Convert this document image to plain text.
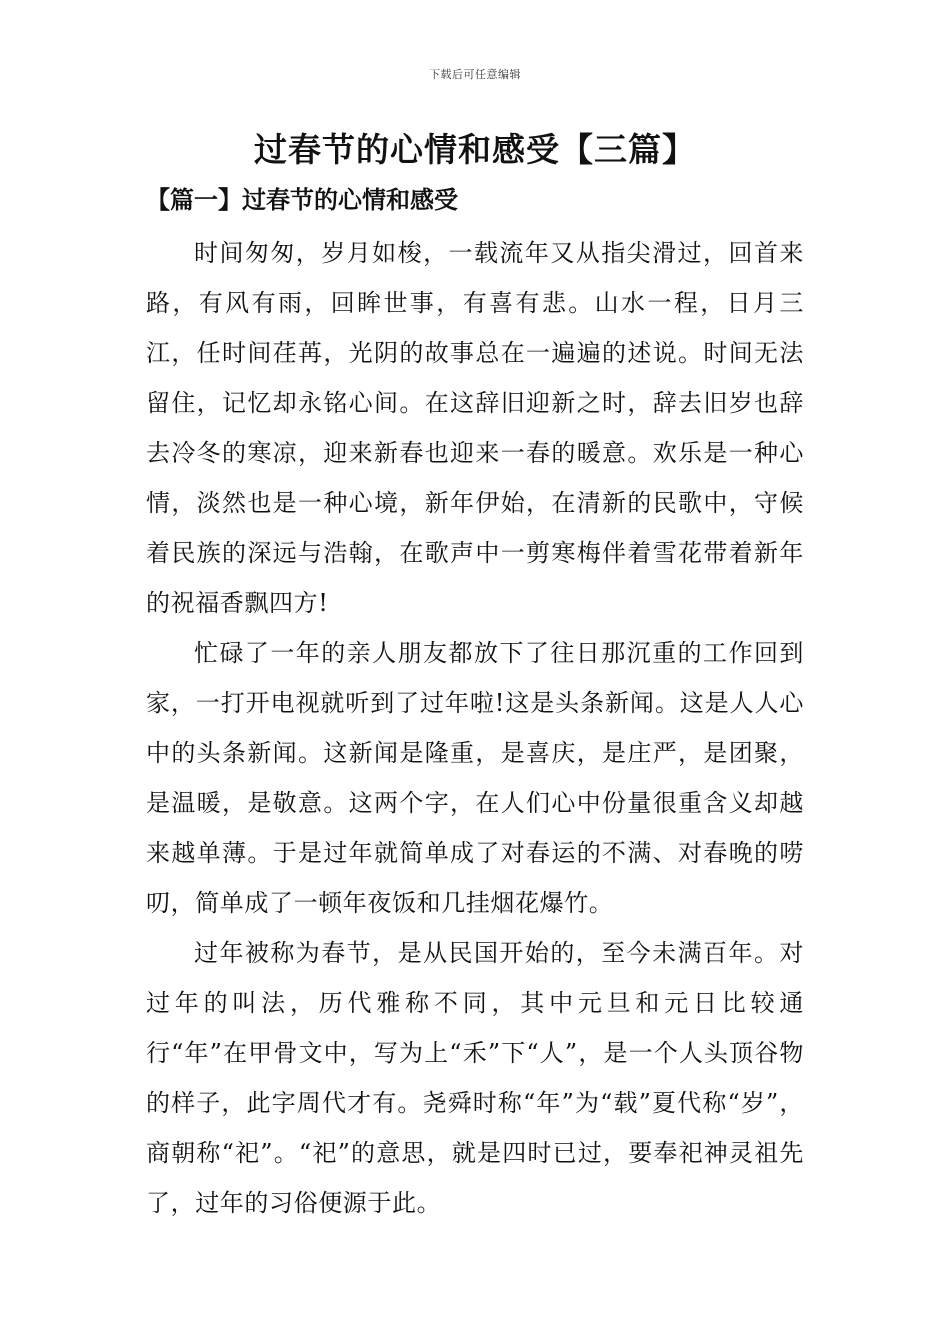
下载后可任意编辑
过春节的心情和感受【三篇】
【篇一】过春节的心情和感受

时间匆匆，岁月如梭，一载流年又从指尖滑过，回首来路，有风有雨，回眸世事，有喜有悲。山水一程，日月三江，任时间荏苒，光阴的故事总在一遍遍的述说。时间无法留住，记忆却永铭心间。在这辞旧迎新之时，辞去旧岁也辞去冷冬的寒凉，迎来新春也迎来一春的暖意。欢乐是一种心情，淡然也是一种心境，新年伊始，在清新的民歌中，守候着民族的深远与浩翰，在歌声中一剪寒梅伴着雪花带着新年的祝福香飘四方!

忙碌了一年的亲人朋友都放下了往日那沉重的工作回到家，一打开电视就听到了过年啦!这是头条新闻。这是人人心中的头条新闻。这新闻是隆重，是喜庆，是庄严，是团聚，是温暖，是敬意。这两个字，在人们心中份量很重含义却越来越单薄。于是过年就简单成了对春运的不满、对春晚的唠叨，简单成了一顿年夜饭和几挂烟花爆竹。

过年被称为春节，是从民国开始的，至今未满百年。对过年的叫法，历代雅称不同，其中元旦和元日比较通行“年”在甲骨文中，写为上“禾”下“人”，是一个人头顶谷物的样子，此字周代才有。尧舜时称“年”为“载”夏代称“岁”，商朝称“祀”。“祀”的意思，就是四时已过，要奉祀神灵祖先了，过年的习俗便源于此。
